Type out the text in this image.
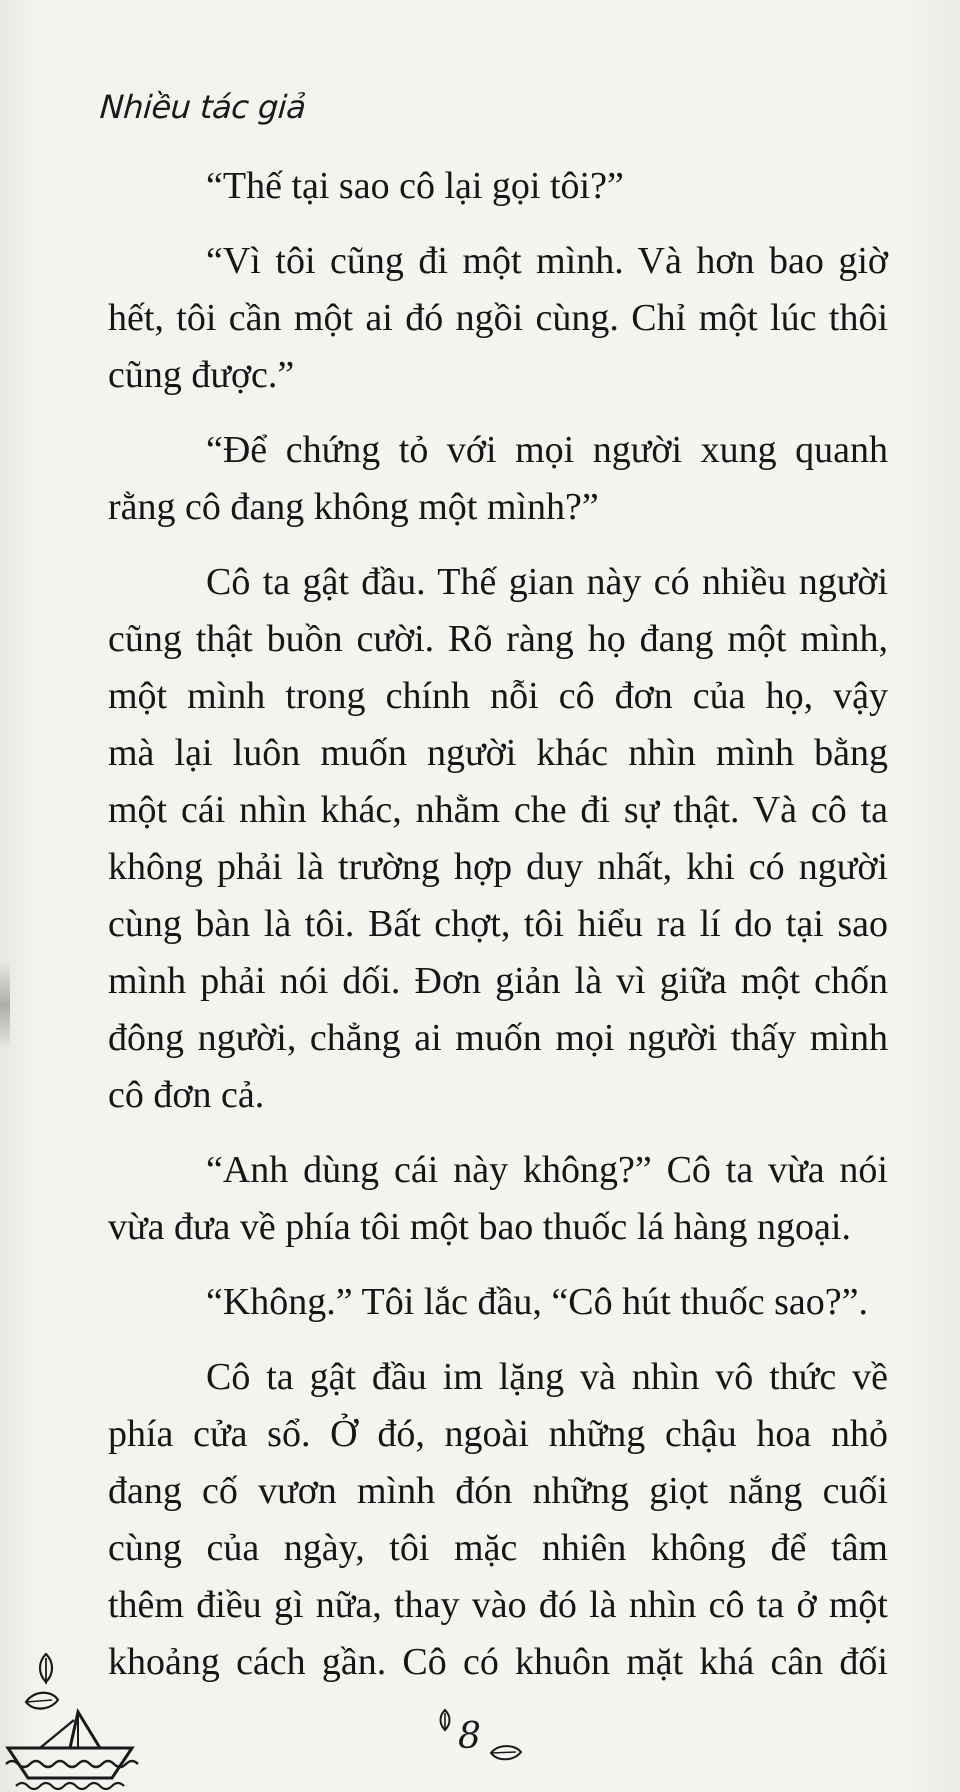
Nhiều tác giả

“Thế tại sao cô lại gọi tôi?”

“Vì tôi cũng đi một mình. Và hơn bao giờ
hết, tôi cần một ai đó ngồi cùng. Chỉ một lúc thôi
cũng được.”

“Để chứng tỏ với mọi người xung quanh
rằng cô đang không một mình?”

Cô ta gật đầu. Thế gian này có nhiều người
cũng thật buồn cười. Rõ ràng họ đang một mình,
một mình trong chính nỗi cô đơn của họ, vậy
mà lại luôn muốn người khác nhìn mình bằng
một cái nhìn khác, nhằm che đi sự thật. Và cô ta
không phải là trường hợp duy nhất, khi có người
cùng bàn là tôi. Bất chợt, tôi hiểu ra lí do tại sao
mình phải nói dối. Đơn giản là vì giữa một chốn
đông người, chẳng ai muốn mọi người thấy mình
cô đơn cả.

“Anh dùng cái này không?” Cô ta vừa nói
vừa đưa về phía tôi một bao thuốc lá hàng ngoại.

“Không.” Tôi lắc đầu, “Cô hút thuốc sao?”.

Cô ta gật đầu im lặng và nhìn vô thức về
phía cửa sổ. Ở đó, ngoài những chậu hoa nhỏ
đang cố vươn mình đón những giọt nắng cuối
cùng của ngày, tôi mặc nhiên không để tâm
thêm điều gì nữa, thay vào đó là nhìn cô ta ở một
khoảng cách gần. Cô có khuôn mặt khá cân đối

8
